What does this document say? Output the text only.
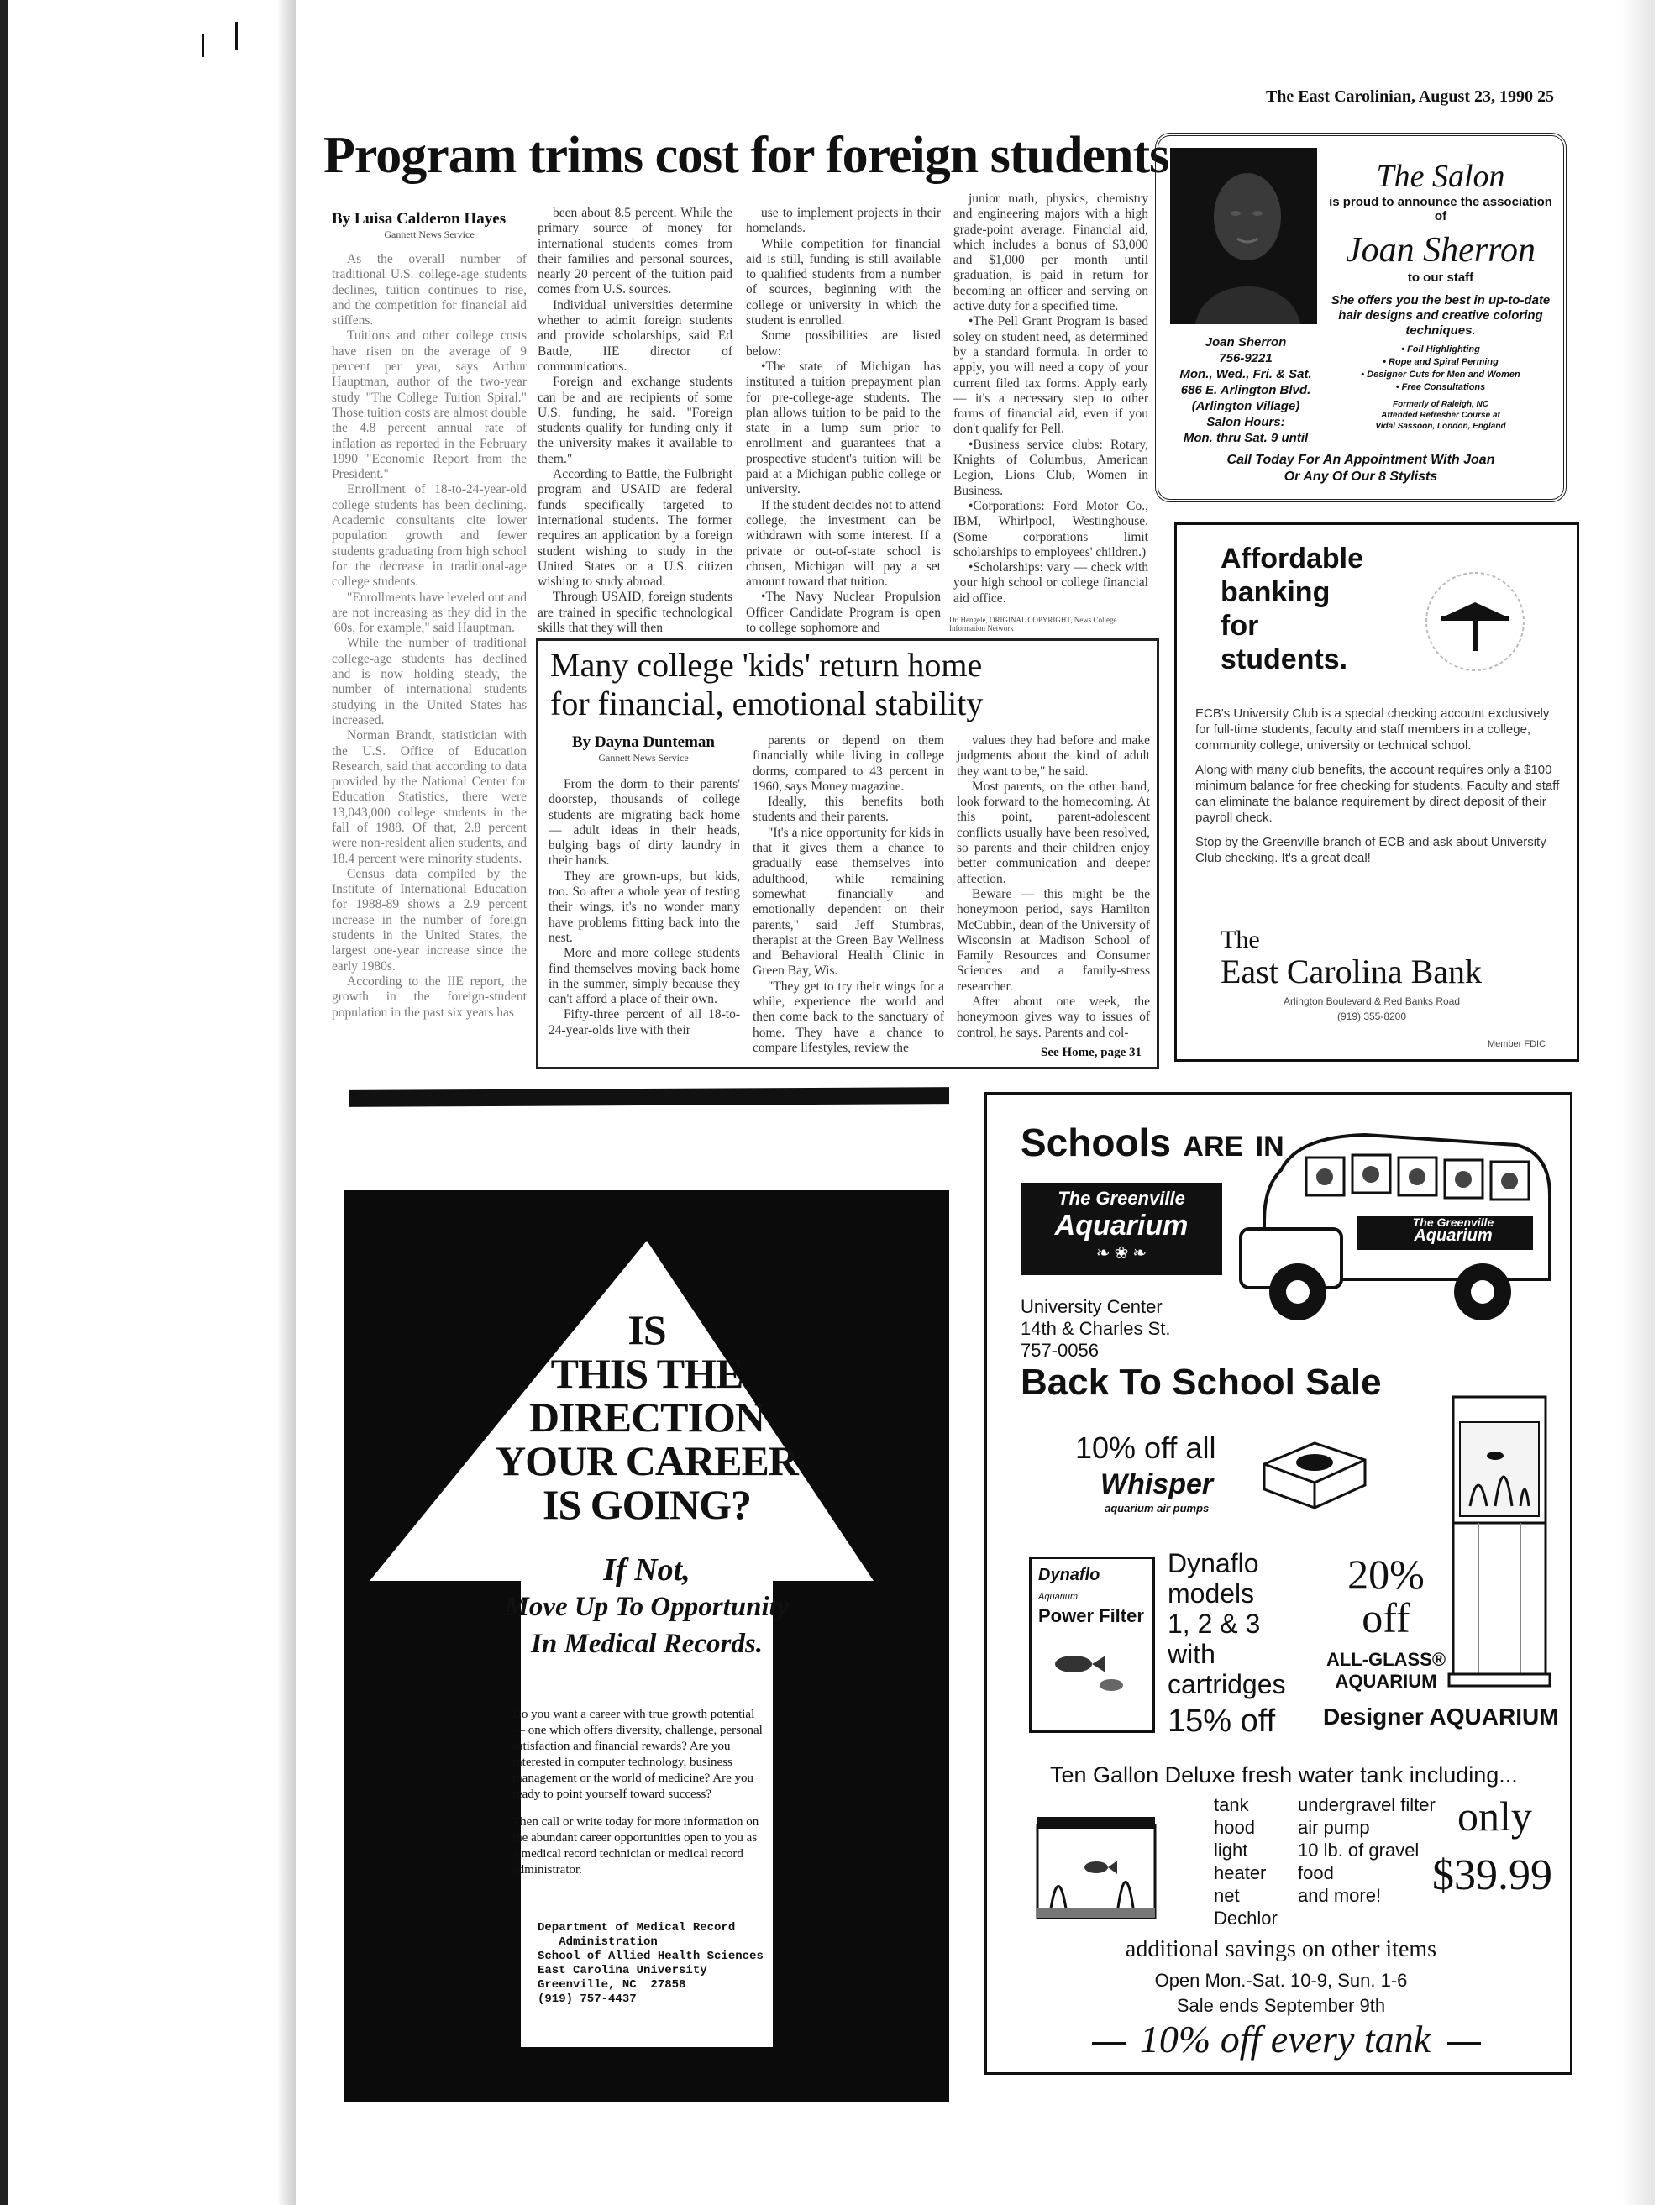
The East Carolinian, August 23, 1990 25
Program trims cost for foreign students
By Luisa Calderon Hayes
Gannett News Service

As the overall number of traditional U.S. college-age students declines, tuition continues to rise, and the competition for financial aid stiffens.

Tuitions and other college costs have risen on the average of 9 percent per year, says Arthur Hauptman, author of the two-year study "The College Tuition Spiral." Those tuition costs are almost double the 4.8 percent annual rate of inflation as reported in the February 1990 "Economic Report from the President."

Enrollment of 18-to-24-year-old college students has been declining. Academic consultants cite lower population growth and fewer students graduating from high school for the decrease in traditional-age college students.

"Enrollments have leveled out and are not increasing as they did in the '60s, for example," said Hauptman.

While the number of traditional college-age students has declined and is now holding steady, the number of international students studying in the United States has increased.

Norman Brandt, statistician with the U.S. Office of Education Research, said that according to data provided by the National Center for Education Statistics, there were 13,043,000 college students in the fall of 1988. Of that, 2.8 percent were non-resident alien students, and 18.4 percent were minority students.

Census data compiled by the Institute of International Education for 1988-89 shows a 2.9 percent increase in the number of foreign students in the United States, the largest one-year increase since the early 1980s.

According to the IIE report, the growth in the foreign-student population in the past six years has

been about 8.5 percent. While the primary source of money for international students comes from their families and personal sources, nearly 20 percent of the tuition paid comes from U.S. sources.

Individual universities determine whether to admit foreign students and provide scholarships, said Ed Battle, IIE director of communications.

Foreign and exchange students can be and are recipients of some U.S. funding, he said. "Foreign students qualify for funding only if the university makes it available to them."

According to Battle, the Fulbright program and USAID are federal funds specifically targeted to international students. The former requires an application by a foreign student wishing to study in the United States or a U.S. citizen wishing to study abroad.

Through USAID, foreign students are trained in specific technological skills that they will then

use to implement projects in their homelands.

While competition for financial aid is still, funding is still available to qualified students from a number of sources, beginning with the college or university in which the student is enrolled.

Some possibilities are listed below:

•The state of Michigan has instituted a tuition prepayment plan for pre-college-age students. The plan allows tuition to be paid to the state in a lump sum prior to enrollment and guarantees that a prospective student's tuition will be paid at a Michigan public college or university.

If the student decides not to attend college, the investment can be withdrawn with some interest. If a private or out-of-state school is chosen, Michigan will pay a set amount toward that tuition.

•The Navy Nuclear Propulsion Officer Candidate Program is open to college sophomore and

junior math, physics, chemistry and engineering majors with a high grade-point average. Financial aid, which includes a bonus of $3,000 and $1,000 per month until graduation, is paid in return for becoming an officer and serving on active duty for a specified time.

•The Pell Grant Program is based soley on student need, as determined by a standard formula. In order to apply, you will need a copy of your current filed tax forms. Apply early — it's a necessary step to other forms of financial aid, even if you don't qualify for Pell.

•Business service clubs: Rotary, Knights of Columbus, American Legion, Lions Club, Women in Business.

•Corporations: Ford Motor Co., IBM, Whirlpool, Westinghouse. (Some corporations limit scholarships to employees' children.)

•Scholarships: vary — check with your high school or college financial aid office.

Dr. Hengele, ORIGINAL COPYRIGHT, News College Information Network
Many college 'kids' return home
for financial, emotional stability
By Dayna Dunteman
Gannett News Service

From the dorm to their parents' doorstep, thousands of college students are migrating back home — adult ideas in their heads, bulging bags of dirty laundry in their hands.

They are grown-ups, but kids, too. So after a whole year of testing their wings, it's no wonder many have problems fitting back into the nest.

More and more college students find themselves moving back home in the summer, simply because they can't afford a place of their own.

Fifty-three percent of all 18-to-24-year-olds live with their

parents or depend on them financially while living in college dorms, compared to 43 percent in 1960, says Money magazine.

Ideally, this benefits both students and their parents.

"It's a nice opportunity for kids in that it gives them a chance to gradually ease themselves into adulthood, while remaining somewhat financially and emotionally dependent on their parents," said Jeff Stumbras, therapist at the Green Bay Wellness and Behavioral Health Clinic in Green Bay, Wis.

"They get to try their wings for a while, experience the world and then come back to the sanctuary of home. They have a chance to compare lifestyles, review the

values they had before and make judgments about the kind of adult they want to be," he said.

Most parents, on the other hand, look forward to the homecoming. At this point, parent-adolescent conflicts usually have been resolved, so parents and their children enjoy better communication and deeper affection.

Beware — this might be the honeymoon period, says Hamilton McCubbin, dean of the University of Wisconsin at Madison School of Family Resources and Consumer Sciences and a family-stress researcher.

After about one week, the honeymoon gives way to issues of control, he says. Parents and col-

See Home, page 31
The Salon
is proud to announce the association of
Joan Sherron
to our staff
She offers you the best in up-to-date hair designs and creative coloring techniques.
• Foil Highlighting
• Rope and Spiral Perming
• Designer Cuts for Men and Women
• Free Consultations
Formerly of Raleigh, NC
Attended Refresher Course at
Vidal Sassoon, London, England
Joan Sherron
756-9221
Mon., Wed., Fri. & Sat.
686 E. Arlington Blvd.
(Arlington Village)
Salon Hours:
Mon. thru Sat. 9 until
Call Today For An Appointment With Joan
Or Any Of Our 8 Stylists
Affordable
banking
for
students.

ECB's University Club is a special checking account exclusively for full-time students, faculty and staff members in a college, community college, university or technical school.

Along with many club benefits, the account requires only a $100 minimum balance for free checking for students. Faculty and staff can eliminate the balance requirement by direct deposit of their payroll check.

Stop by the Greenville branch of ECB and ask about University Club checking. It's a great deal!

The
East Carolina Bank
Arlington Boulevard & Red Banks Road
(919) 355-8200
Member FDIC
IS
THIS THE
DIRECTION
YOUR CAREER
IS GOING?
If Not,
Move Up To Opportunity
In Medical Records.

Do you want a career with true growth potential — one which offers diversity, challenge, personal satisfaction and financial rewards? Are you interested in computer technology, business management or the world of medicine? Are you ready to point yourself toward success?

Then call or write today for more information on the abundant career opportunities open to you as a medical record technician or medical record administrator.

Department of Medical Record
Administration
School of Allied Health Sciences
East Carolina University
Greenville, NC  27858
(919) 757-4437
Schools ARE IN
The Greenville
Aquarium
❧ ❀ ❧
The Greenville
Aquarium
University Center
14th & Charles St.
757-0056
Back To School Sale
10% off all
Whisper
aquarium air pumps
Dynaflo
Aquarium
Power Filter
Dynaflo
models
1, 2 & 3
with
cartridges
15% off
20%
off
ALL-GLASS®
AQUARIUM
Designer AQUARIUM
Ten Gallon Deluxe fresh water tank including...
tank
hood
light
heater
net
Dechlor
undergravel filter
air pump
10 lb. of gravel
food
and more!
only
$39.99
additional savings on other items
Open Mon.-Sat. 10-9, Sun. 1-6
Sale ends September 9th
10% off every tank
